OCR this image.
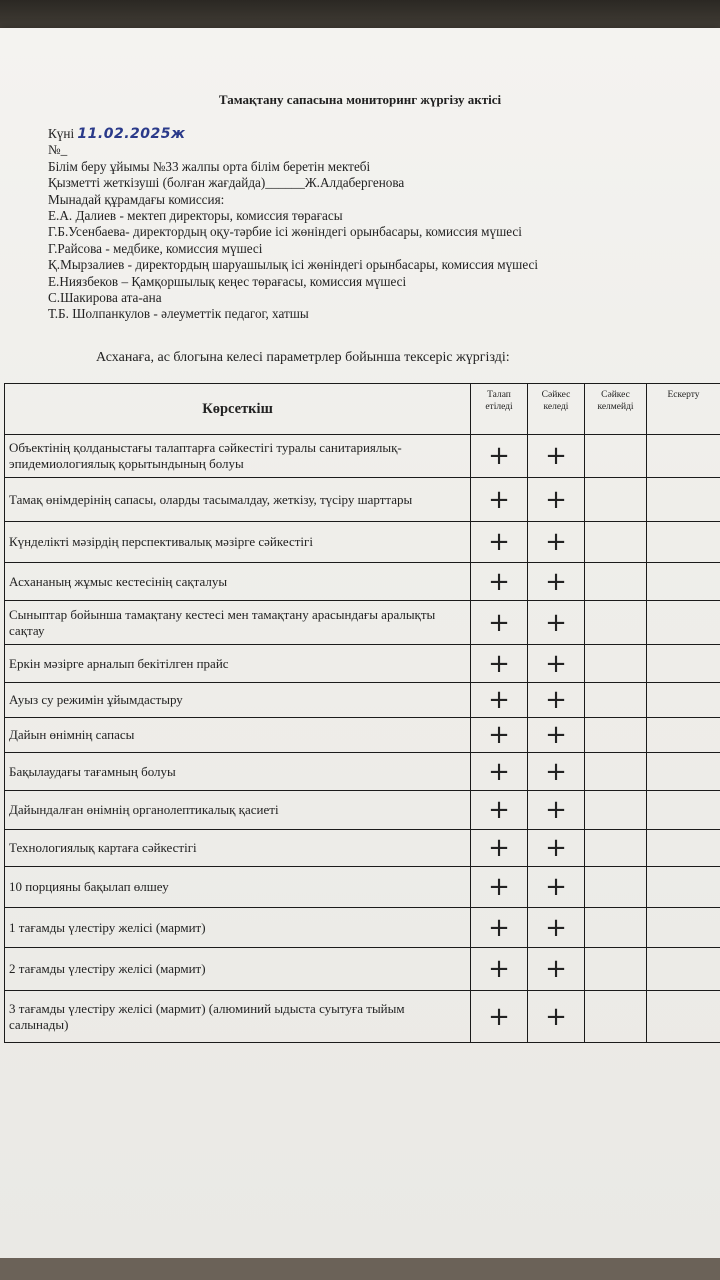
Тамақтану сапасына мониторинг жүргізу актісі
Күні 11.02.2025ж
№_
Білім беру ұйымы №33 жалпы орта білім беретін мектебі
Қызметті жеткізуші (болған жағдайда)______Ж.Алдабергенова
Мынадай құрамдағы комиссия:
Е.А. Далиев - мектеп директоры, комиссия төрағасы
Г.Б.Усенбаева- директордың оқу-тәрбие ісі жөніндегі орынбасары, комиссия мүшесі
Г.Райсова - медбике, комиссия мүшесі
Қ.Мырзалиев - директордың шаруашылық ісі жөніндегі орынбасары, комиссия мүшесі
Е.Ниязбеков – Қамқоршылық кеңес төрағасы, комиссия мүшесі
С.Шакирова ата-ана
Т.Б. Шолпанкулов - әлеуметтік педагог, хатшы
Асханаға, ас блогына келесі параметрлер бойынша тексеріс жүргізді:
Көрсеткіш	Талап етіледі	Сәйкес келеді	Сәйкес келмейді	Ескерту
Объектінің қолданыстағы талаптарға сәйкестігі туралы санитариялық-эпидемиологиялық қорытындының болуы	+	+		
Тамақ өнімдерінің сапасы, оларды тасымалдау, жеткізу, түсіру шарттары	+	+		
Күнделікті мәзірдің перспективалық мәзірге сәйкестігі	+	+		
Асхананың жұмыс кестесінің сақталуы	+	+		
Сыныптар бойынша тамақтану кестесі мен тамақтану арасындағы аралықты сақтау	+	+		
Еркін мәзірге арналып бекітілген прайс	+	+		
Ауыз су режимін ұйымдастыру	+	+		
Дайын өнімнің сапасы	+	+		
Бақылаудағы тағамның болуы	+	+		
Дайындалған өнімнің органолептикалық қасиеті	+	+		
Технологиялық картаға сәйкестігі	+	+		
10 порцияны бақылап өлшеу	+	+		
1 тағамды үлестіру желісі (мармит)	+	+		
2 тағамды үлестіру желісі (мармит)	+	+		
3 тағамды үлестіру желісі (мармит) (алюминий ыдыста суытуға тыйым салынады)	+	+		
